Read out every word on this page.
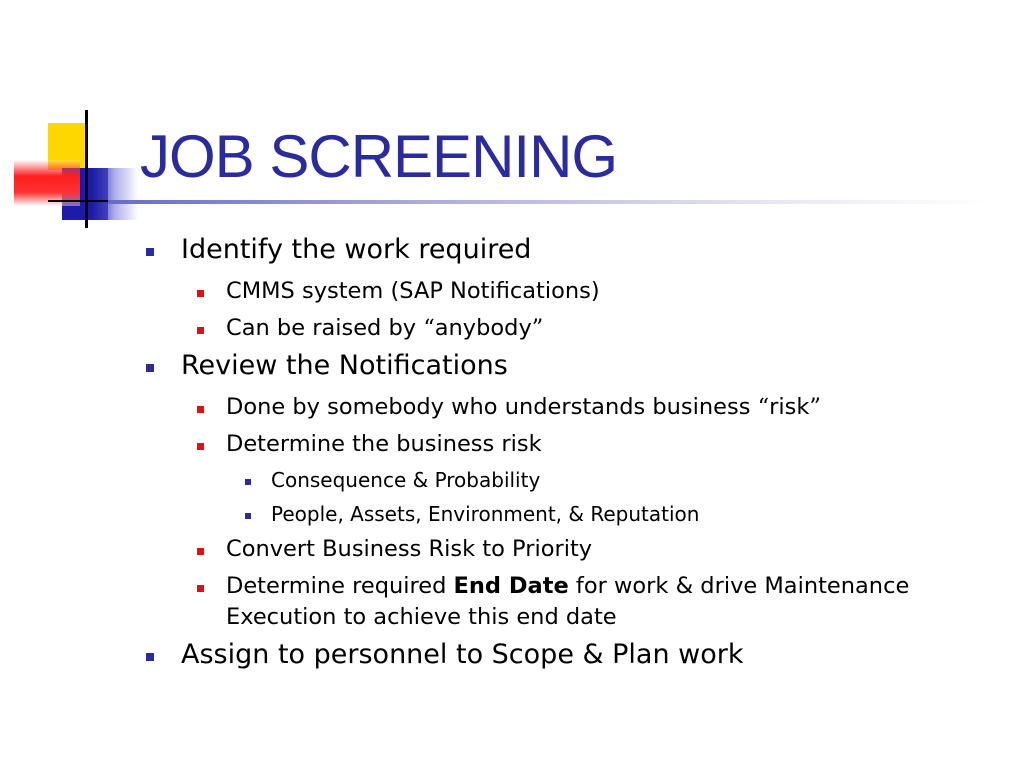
JOB SCREENING
Identify the work required
CMMS system (SAP Notifications)
Can be raised by “anybody”
Review the Notifications
Done by somebody who understands business “risk”
Determine the business risk
Consequence & Probability
People, Assets, Environment, & Reputation
Convert Business Risk to Priority
Determine required End Date for work & drive Maintenance Execution to achieve this end date
Assign to personnel to Scope & Plan work
